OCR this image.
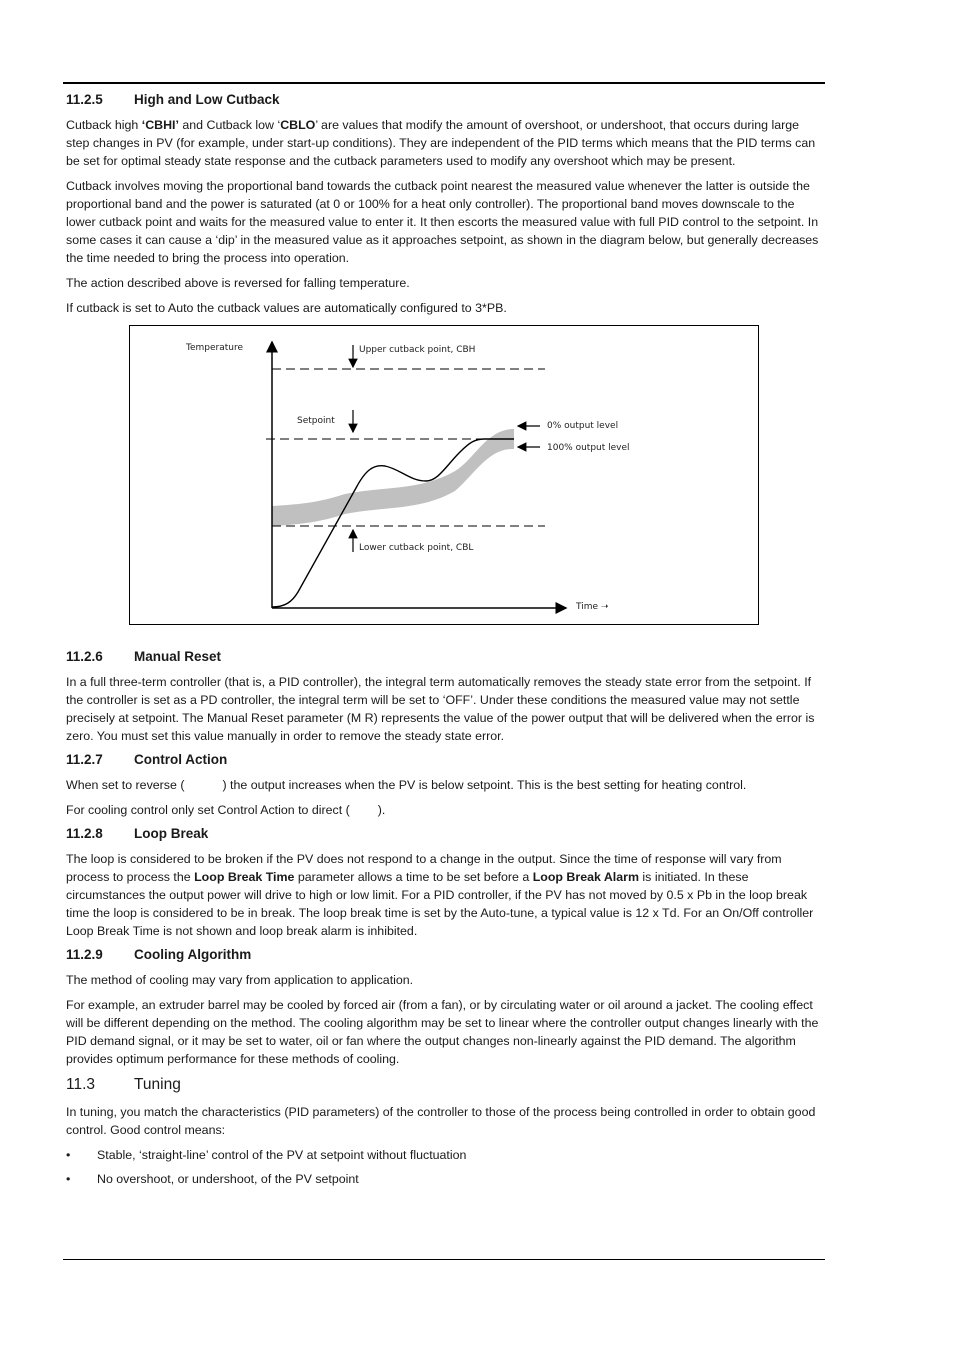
11.2.5 High and Low Cutback

Cutback high ‘CBHI’ and Cutback low ‘CBLO’ are values that modify the amount of overshoot, or undershoot, that occurs during large step changes in PV (for example, under start-up conditions). They are independent of the PID terms which means that the PID terms can be set for optimal steady state response and the cutback parameters used to modify any overshoot which may be present.

Cutback involves moving the proportional band towards the cutback point nearest the measured value whenever the latter is outside the proportional band and the power is saturated (at 0 or 100% for a heat only controller). The proportional band moves downscale to the lower cutback point and waits for the measured value to enter it. It then escorts the measured value with full PID control to the setpoint. In some cases it can cause a ‘dip’ in the measured value as it approaches setpoint, as shown in the diagram below, but generally decreases the time needed to bring the process into operation.

The action described above is reversed for falling temperature.

If cutback is set to Auto the cutback values are automatically configured to 3*PB.

Temperature	Upper cutback point, CBH
Setpoint	0% output level
100% output level
Lower cutback point, CBL
Time ➝
11.2.6 Manual Reset

In a full three-term controller (that is, a PID controller), the integral term automatically removes the steady state error from the setpoint. If the controller is set as a PD controller, the integral term will be set to ‘OFF’. Under these conditions the measured value may not settle precisely at setpoint. The Manual Reset parameter (M R) represents the value of the power output that will be delivered when the error is zero. You must set this value manually in order to remove the steady state error.

11.2.7 Control Action

When set to reverse (	) the output increases when the PV is below setpoint. This is the best setting for heating control.

For cooling control only set Control Action to direct ( ).

11.2.8 Loop Break

The loop is considered to be broken if the PV does not respond to a change in the output. Since the time of response will vary from process to process the Loop Break Time parameter allows a time to be set before a Loop Break Alarm is initiated. In these circumstances the output power will drive to high or low limit. For a PID controller, if the PV has not moved by 0.5 x Pb in the loop break time the loop is considered to be in break. The loop break time is set by the Auto-tune, a typical value is 12 x Td. For an On/Off controller Loop Break Time is not shown and loop break alarm is inhibited.

11.2.9 Cooling Algorithm

The method of cooling may vary from application to application.

For example, an extruder barrel may be cooled by forced air (from a fan), or by circulating water or oil around a jacket. The cooling effect will be different depending on the method. The cooling algorithm may be set to linear where the controller output changes linearly with the PID demand signal, or it may be set to water, oil or fan where the output changes non-linearly against the PID demand. The algorithm provides optimum performance for these methods of cooling.

11.3	Tuning

In tuning, you match the characteristics (PID parameters) of the controller to those of the process being controlled in order to obtain good control. Good control means:

• Stable, ‘straight-line’ control of the PV at setpoint without fluctuation
• No overshoot, or undershoot, of the PV setpoint
